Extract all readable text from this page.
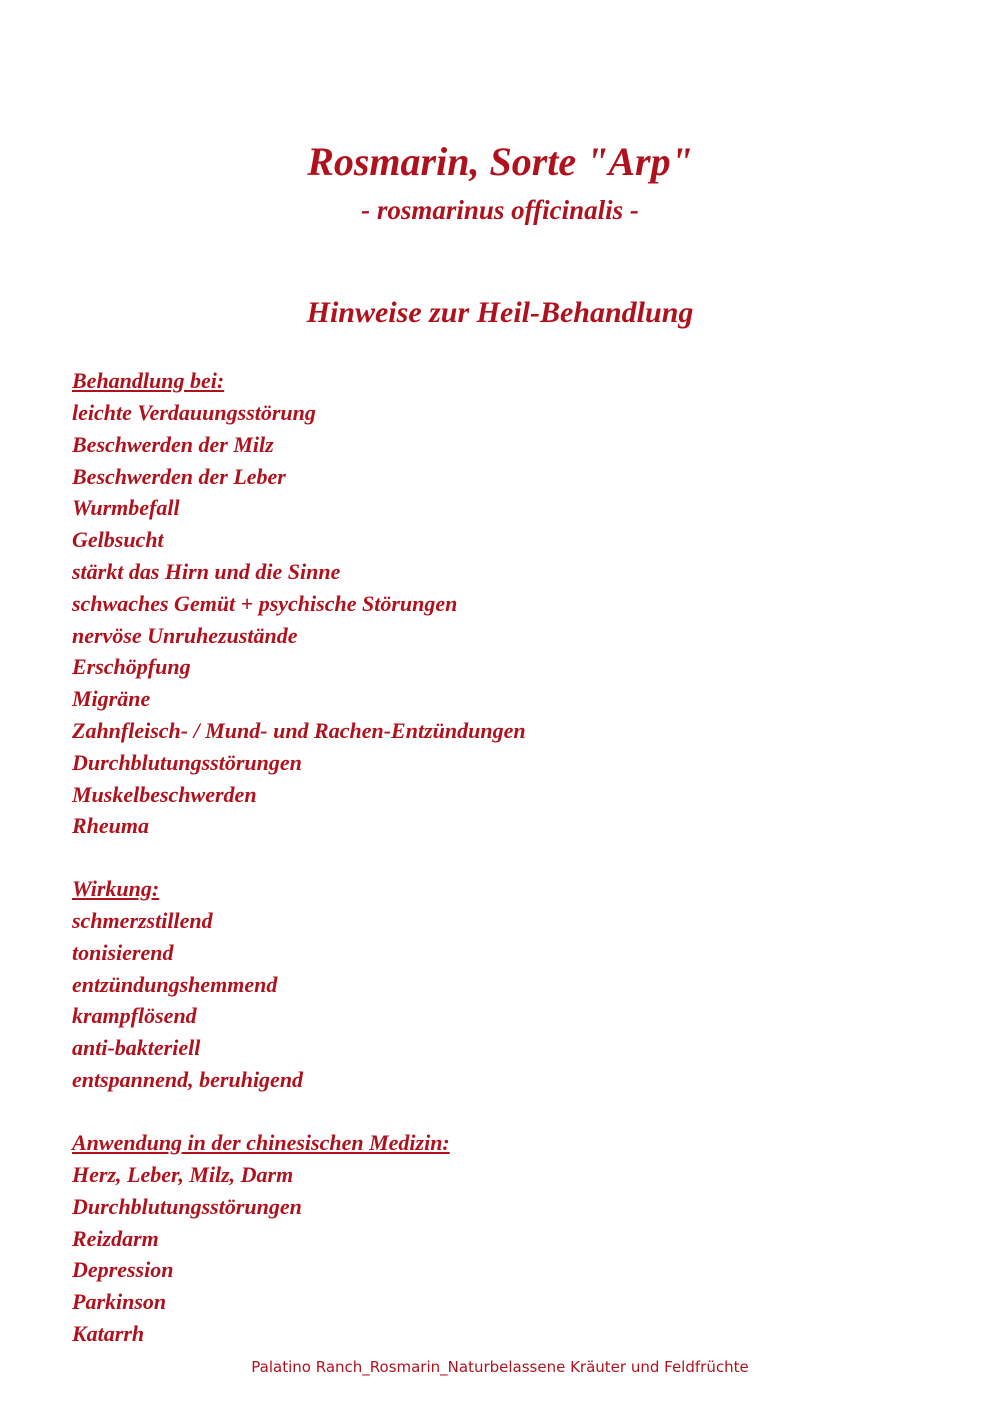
Rosmarin, Sorte "Arp"
- rosmarinus officinalis -
Hinweise zur Heil-Behandlung
Behandlung bei:
leichte Verdauungsstörung
Beschwerden der Milz
Beschwerden der Leber
Wurmbefall
Gelbsucht
stärkt das Hirn und die Sinne
schwaches Gemüt + psychische Störungen
nervöse Unruhezustände
Erschöpfung
Migräne
Zahnfleisch- / Mund- und Rachen-Entzündungen
Durchblutungsstörungen
Muskelbeschwerden
Rheuma
Wirkung:
schmerzstillend
tonisierend
entzündungshemmend
krampflösend
anti-bakteriell
entspannend, beruhigend
Anwendung in der chinesischen Medizin:
Herz, Leber, Milz, Darm
Durchblutungsstörungen
Reizdarm
Depression
Parkinson
Katarrh
Palatino Ranch_Rosmarin_Naturbelassene Kräuter und Feldfrüchte
